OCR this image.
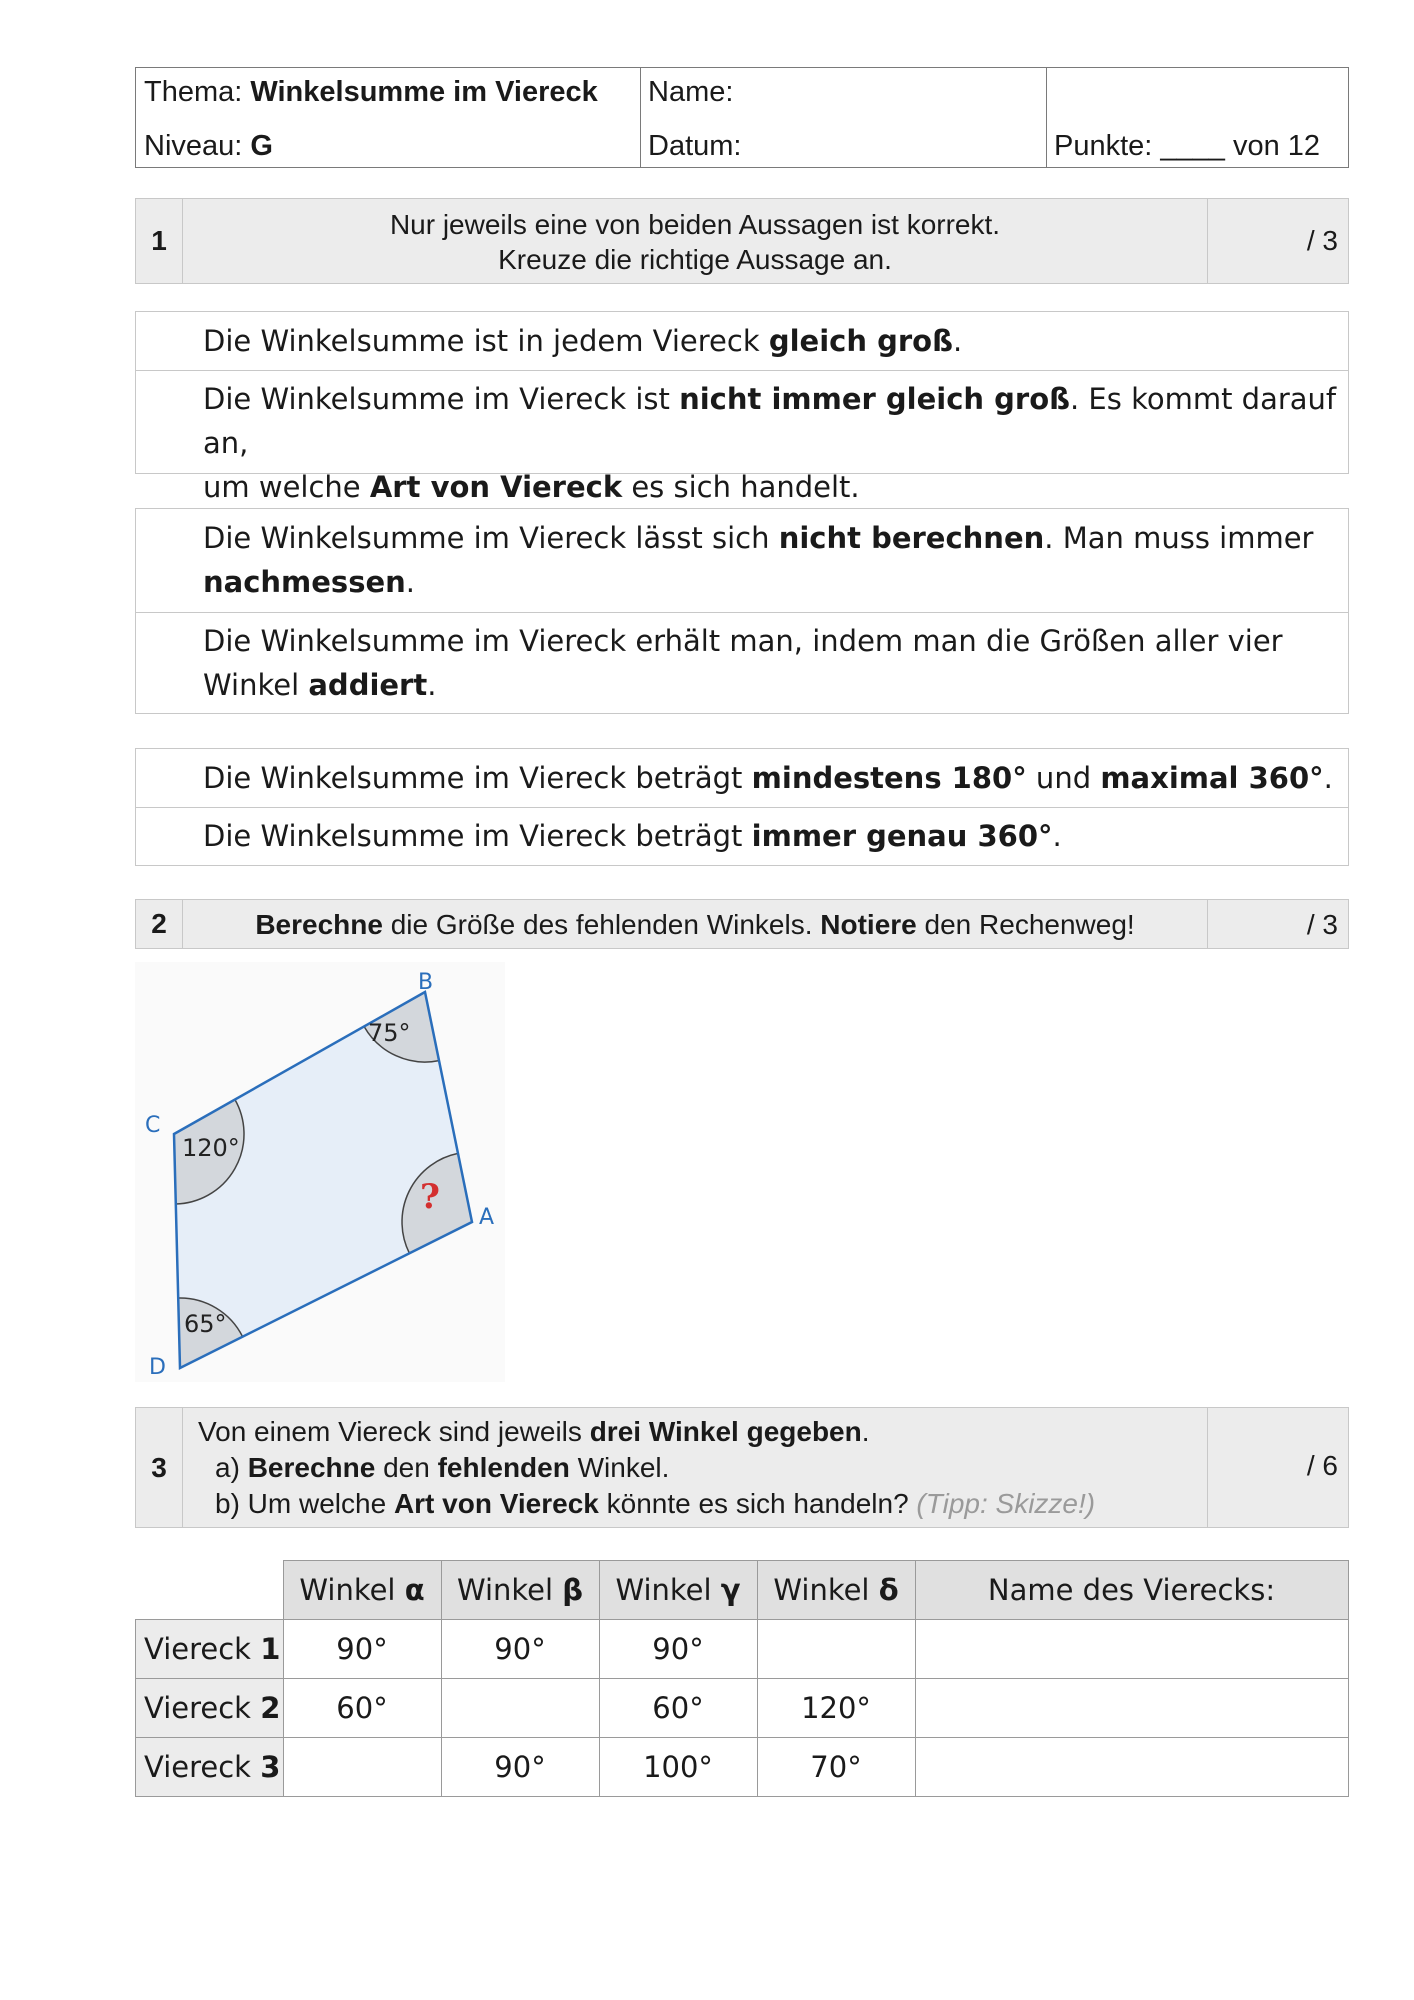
Thema: Winkelsumme im Viereck
Niveau: G
Name:
Datum:	Punkte: ____ von 12
1
Nur jeweils eine von beiden Aussagen ist korrekt.
Kreuze die richtige Aussage an.
/ 3
Die Winkelsumme ist in jedem Viereck gleich groß.
Die Winkelsumme im Viereck ist nicht immer gleich groß. Es kommt darauf an,
um welche Art von Viereck es sich handelt.
Die Winkelsumme im Viereck lässt sich nicht berechnen. Man muss immer
nachmessen.
Die Winkelsumme im Viereck erhält man, indem man die Größen aller vier
Winkel addiert.
Die Winkelsumme im Viereck beträgt mindestens 180° und maximal 360°.
Die Winkelsumme im Viereck beträgt immer genau 360°.
2	Berechne die Größe des fehlenden Winkels. Notiere den Rechenweg!	/ 3
B
C
D
A
75°
120°
65°
?
3
Von einem Viereck sind jeweils drei Winkel gegeben.
a) Berechne den fehlenden Winkel.
b) Um welche Art von Viereck könnte es sich handeln? (Tipp: Skizze!)
/ 6
	Winkel α	Winkel β	Winkel γ	Winkel δ	Name des Vierecks:
Viereck 1	90°	90°	90°		
Viereck 2	60°		60°	120°	
Viereck 3		90°	100°	70°	
